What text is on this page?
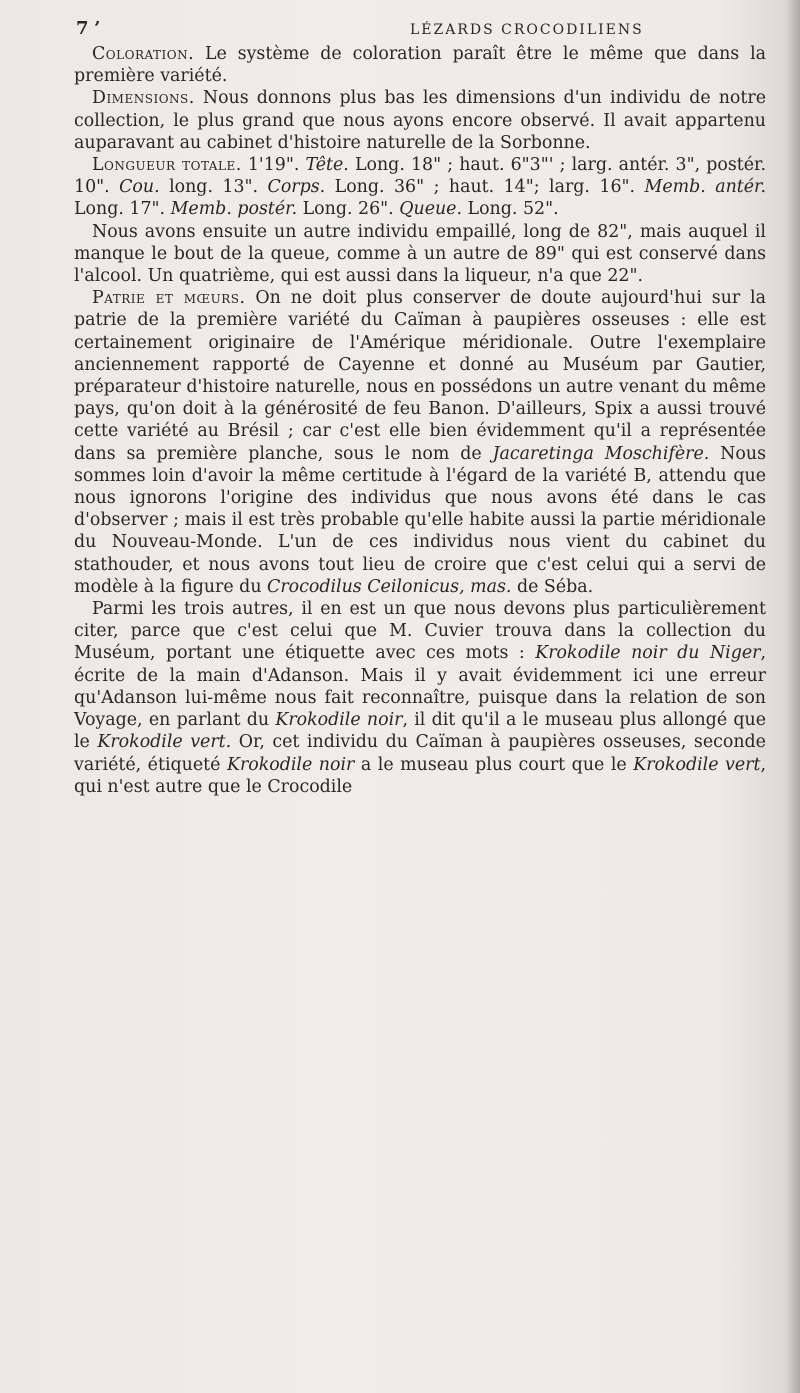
7 ’	LÉZARDS CROCODILIENS

Coloration. Le système de coloration paraît être le même que dans la première variété.

Dimensions. Nous donnons plus bas les dimensions d'un individu de notre collection, le plus grand que nous ayons encore observé. Il avait appartenu auparavant au cabinet d'histoire naturelle de la Sorbonne.

Longueur totale. 1'19". Tête. Long. 18" ; haut. 6"3"' ; larg. antér. 3", postér. 10". Cou. long. 13". Corps. Long. 36" ; haut. 14"; larg. 16". Memb. antér. Long. 17". Memb. postér. Long. 26". Queue. Long. 52".

Nous avons ensuite un autre individu empaillé, long de 82", mais auquel il manque le bout de la queue, comme à un autre de 89" qui est conservé dans l'alcool. Un quatrième, qui est aussi dans la liqueur, n'a que 22".

Patrie et mœurs. On ne doit plus conserver de doute aujourd'hui sur la patrie de la première variété du Caïman à paupières osseuses : elle est certainement originaire de l'Amérique méridionale. Outre l'exemplaire anciennement rapporté de Cayenne et donné au Muséum par Gautier, préparateur d'histoire naturelle, nous en possédons un autre venant du même pays, qu'on doit à la générosité de feu Banon. D'ailleurs, Spix a aussi trouvé cette variété au Brésil ; car c'est elle bien évidemment qu'il a représentée dans sa première planche, sous le nom de Jacaretinga Moschifère. Nous sommes loin d'avoir la même certitude à l'égard de la variété B, attendu que nous ignorons l'origine des individus que nous avons été dans le cas d'observer ; mais il est très probable qu'elle habite aussi la partie méridionale du Nouveau-Monde. L'un de ces individus nous vient du cabinet du stathouder, et nous avons tout lieu de croire que c'est celui qui a servi de modèle à la figure du Crocodilus Ceilonicus, mas. de Séba.

Parmi les trois autres, il en est un que nous devons plus particulièrement citer, parce que c'est celui que M. Cuvier trouva dans la collection du Muséum, portant une étiquette avec ces mots : Krokodile noir du Niger, écrite de la main d'Adanson. Mais il y avait évidemment ici une erreur qu'Adanson lui-même nous fait reconnaître, puisque dans la relation de son Voyage, en parlant du Krokodile noir, il dit qu'il a le museau plus allongé que le Krokodile vert. Or, cet individu du Caïman à paupières osseuses, seconde variété, étiqueté Krokodile noir a le museau plus court que le Krokodile vert, qui n'est autre que le Crocodile
